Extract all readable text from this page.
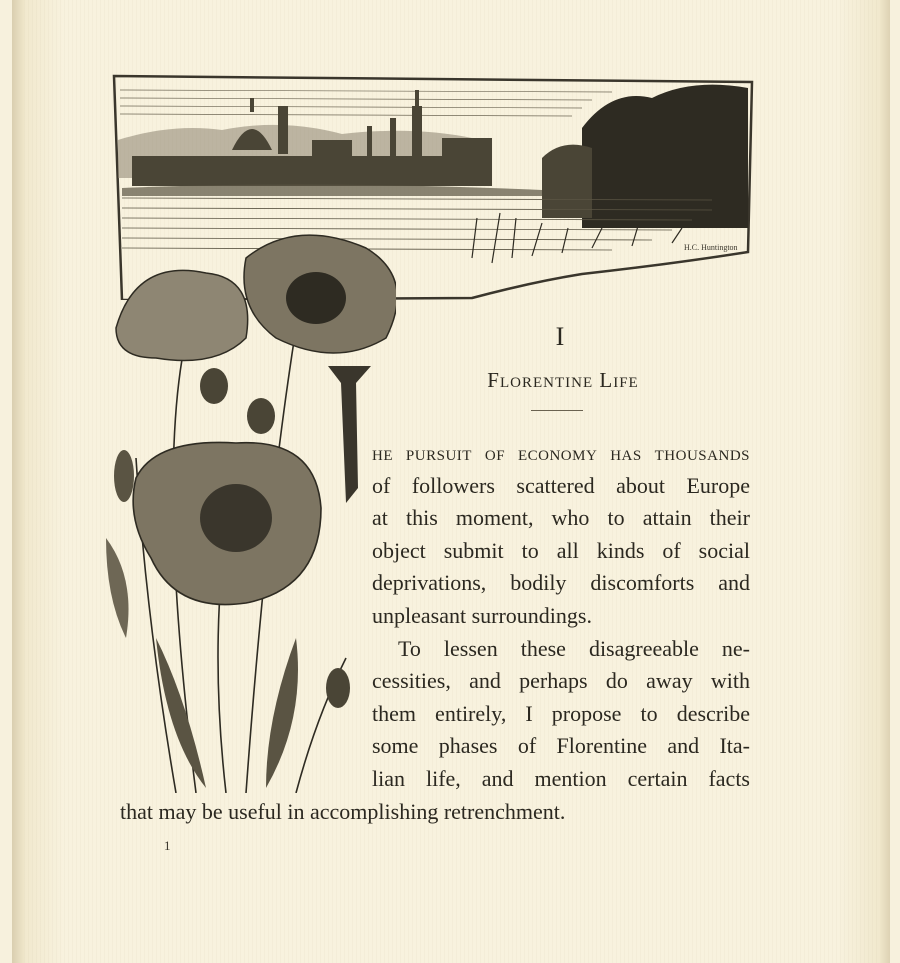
H.C. Huntington
I
Florentine Life
he pursuit of economy has thousands
of followers scattered about Europe
at this moment, who to attain their
object submit to all kinds of social
deprivations, bodily discomforts and
unpleasant surroundings.
To lessen these disagreeable ne-
cessities, and perhaps do away with
them entirely, I propose to describe
some phases of Florentine and Ita-
lian life, and mention certain facts
that may be useful in accomplishing retrenchment.
1
